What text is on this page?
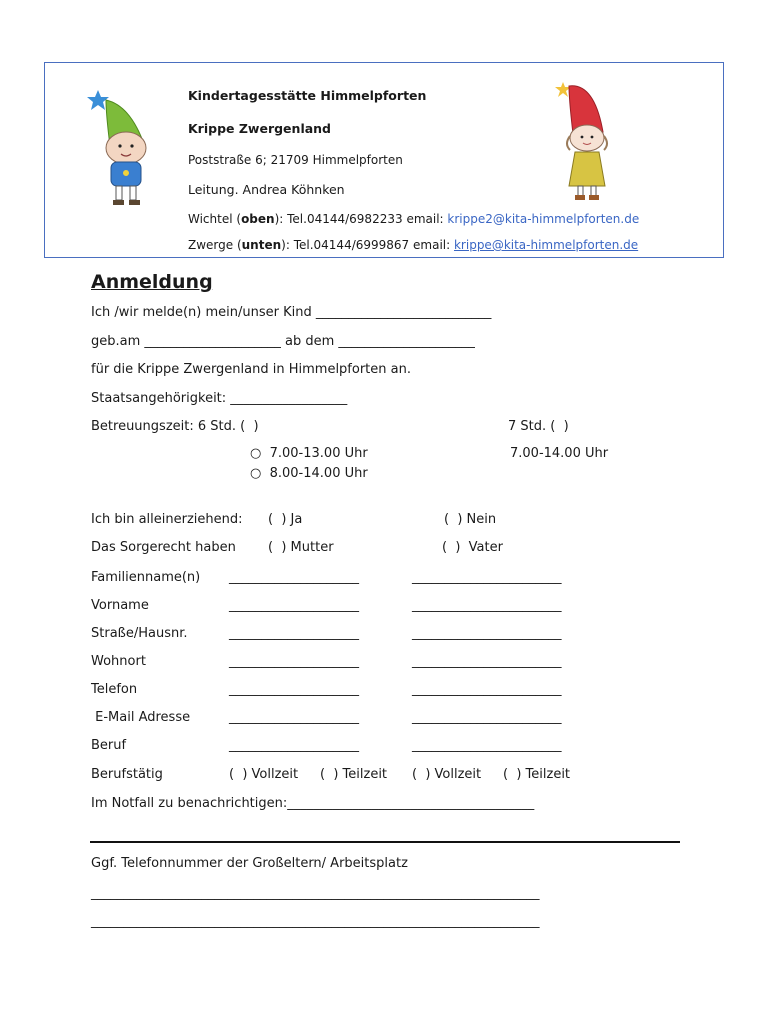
Kindertagesstätte Himmelpforten
Krippe Zwergenland
Poststraße 6; 21709 Himmelpforten
Leitung. Andrea Köhnken
Wichtel (oben): Tel.04144/6982233 email: krippe2@kita-himmelpforten.de
Zwerge (unten): Tel.04144/6999867 email: krippe@kita-himmelpforten.de
Anmeldung
Ich /wir melde(n) mein/unser Kind ___________________________
geb.am _____________________ ab dem _____________________
für die Krippe Zwergenland in Himmelpforten an.
Staatsangehörigkeit: __________________
Betreuungszeit: 6 Std. (  )	7 Std. (  )
○ 7.00-13.00 Uhr
○ 8.00-14.00 Uhr
7.00-14.00 Uhr
Ich bin alleinerziehend: (  ) Ja	(  ) Nein
Das Sorgerecht haben (  ) Mutter	(  )  Vater
Familienname(n) ____________________	_______________________
Vorname	____________________	_______________________
Straße/Hausnr.	____________________	_______________________
Wohnort	____________________	_______________________
Telefon	____________________	_______________________
E-Mail Adresse	____________________	_______________________
Beruf	____________________	_______________________
Berufstätig	(  ) Vollzeit (  ) Teilzeit (  ) Vollzeit (  ) Teilzeit
Im Notfall zu benachrichtigen:______________________________________
Ggf. Telefonnummer der Großeltern/ Arbeitsplatz
_____________________________________________________________________
_____________________________________________________________________
